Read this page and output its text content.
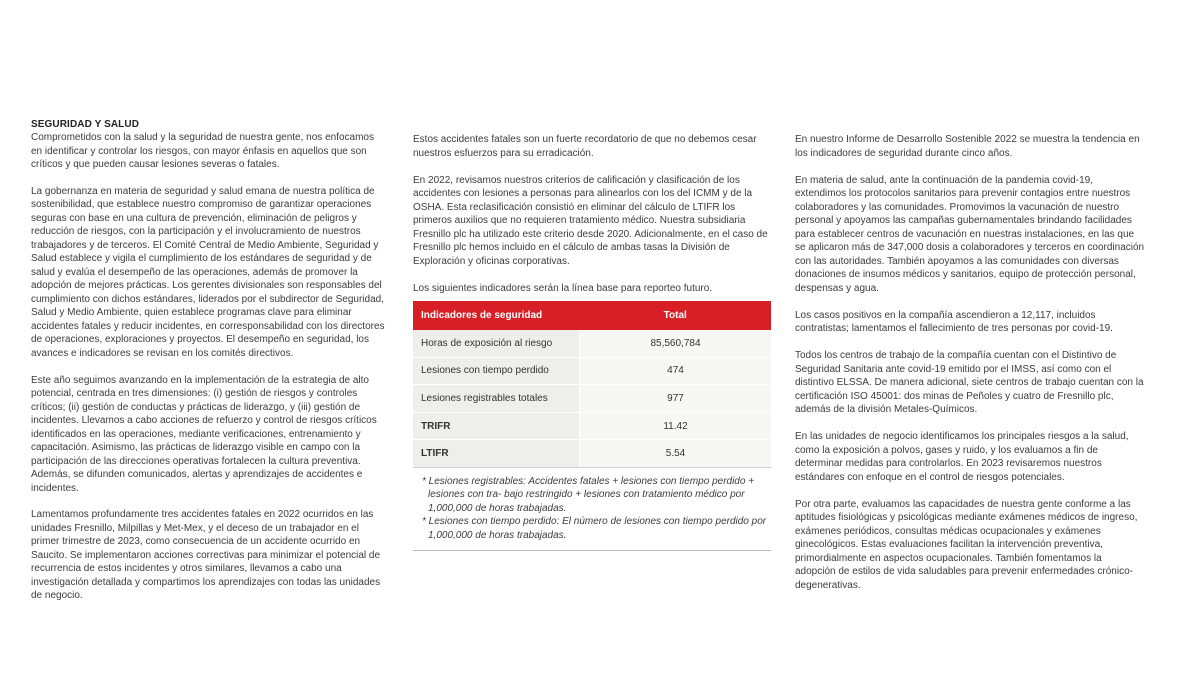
SEGURIDAD Y SALUD

Comprometidos con la salud y la seguridad de nuestra gente, nos enfocamos en identificar y controlar los riesgos, con mayor énfasis en aquellos que son críticos y que pueden causar lesiones severas o fatales.

La gobernanza en materia de seguridad y salud emana de nuestra política de sostenibilidad, que establece nuestro compromiso de garantizar operaciones seguras con base en una cultura de prevención, eliminación de peligros y reducción de riesgos, con la participación y el involucramiento de nuestros trabajadores y de terceros. El Comité Central de Medio Ambiente, Seguridad y Salud establece y vigila el cumplimiento de los estándares de seguridad y de salud y evalúa el desempeño de las operaciones, además de promover la adopción de mejores prácticas. Los gerentes divisionales son responsables del cumplimiento con dichos estándares, liderados por el subdirector de Seguridad, Salud y Medio Ambiente, quien establece programas clave para eliminar accidentes fatales y reducir incidentes, en corresponsabilidad con los directores de operaciones, exploraciones y proyectos. El desempeño en seguridad, los avances e indicadores se revisan en los comités directivos.

Este año seguimos avanzando en la implementación de la estrategia de alto potencial, centrada en tres dimensiones: (i) gestión de riesgos y controles críticos; (ii) gestión de conductas y prácticas de liderazgo, y (iii) gestión de incidentes. Llevamos a cabo acciones de refuerzo y control de riesgos críticos identificados en las operaciones, mediante verificaciones, entrenamiento y capacitación. Asimismo, las prácticas de liderazgo visible en campo con la participación de las direcciones operativas fortalecen la cultura preventiva. Además, se difunden comunicados, alertas y aprendizajes de accidentes e incidentes.

Lamentamos profundamente tres accidentes fatales en 2022 ocurridos en las unidades Fresnillo, Milpillas y Met-Mex, y el deceso de un trabajador en el primer trimestre de 2023, como consecuencia de un accidente ocurrido en Saucito. Se implementaron acciones correctivas para minimizar el potencial de recurrencia de estos incidentes y otros similares, llevamos a cabo una investigación detallada y compartimos los aprendizajes con todas las unidades de negocio.

Estos accidentes fatales son un fuerte recordatorio de que no debemos cesar nuestros esfuerzos para su erradicación.

En 2022, revisamos nuestros criterios de calificación y clasificación de los accidentes con lesiones a personas para alinearlos con los del ICMM y de la OSHA. Esta reclasificación consistió en eliminar del cálculo de LTIFR los primeros auxilios que no requieren tratamiento médico. Nuestra subsidiaria Fresnillo plc ha utilizado este criterio desde 2020. Adicionalmente, en el caso de Fresnillo plc hemos incluido en el cálculo de ambas tasas la División de Exploración y oficinas corporativas.

Los siguientes indicadores serán la línea base para reporteo futuro.

Indicadores de seguridad	Total
Horas de exposición al riesgo	85,560,784
Lesiones con tiempo perdido	474
Lesiones registrables totales	977
TRIFR	11.42
LTIFR	5.54

* Lesiones registrables: Accidentes fatales + lesiones con tiempo perdido + lesiones con tra- bajo restringido + lesiones con tratamiento médico por 1,000,000 de horas trabajadas.

* Lesiones con tiempo perdido: El número de lesiones con tiempo perdido por 1,000,000 de horas trabajadas.

En nuestro Informe de Desarrollo Sostenible 2022 se muestra la tendencia en los indicadores de seguridad durante cinco años.

En materia de salud, ante la continuación de la pandemia covid-19, extendimos los protocolos sanitarios para prevenir contagios entre nuestros colaboradores y las comunidades. Promovimos la vacunación de nuestro personal y apoyamos las campañas gubernamentales brindando facilidades para establecer centros de vacunación en nuestras instalaciones, en las que se aplicaron más de 347,000 dosis a colaboradores y terceros en coordinación con las autoridades. También apoyamos a las comunidades con diversas donaciones de insumos médicos y sanitarios, equipo de protección personal, despensas y agua.

Los casos positivos en la compañía ascendieron a 12,117, incluidos contratistas; lamentamos el fallecimiento de tres personas por covid-19.

Todos los centros de trabajo de la compañía cuentan con el Distintivo de Seguridad Sanitaria ante covid-19 emitido por el IMSS, así como con el distintivo ELSSA. De manera adicional, siete centros de trabajo cuentan con la certificación ISO 45001: dos minas de Peñoles y cuatro de Fresnillo plc, además de la división Metales-Químicos.

En las unidades de negocio identificamos los principales riesgos a la salud, como la exposición a polvos, gases y ruido, y los evaluamos a fin de determinar medidas para controlarlos. En 2023 revisaremos nuestros estándares con enfoque en el control de riesgos potenciales.

Por otra parte, evaluamos las capacidades de nuestra gente conforme a las aptitudes fisiológicas y psicológicas mediante exámenes médicos de ingreso, exámenes periódicos, consultas médicas ocupacionales y exámenes ginecológicos. Estas evaluaciones facilitan la intervención preventiva, primordialmente en aspectos ocupacionales. También fomentamos la adopción de estilos de vida saludables para prevenir enfermedades crónico-degenerativas.
